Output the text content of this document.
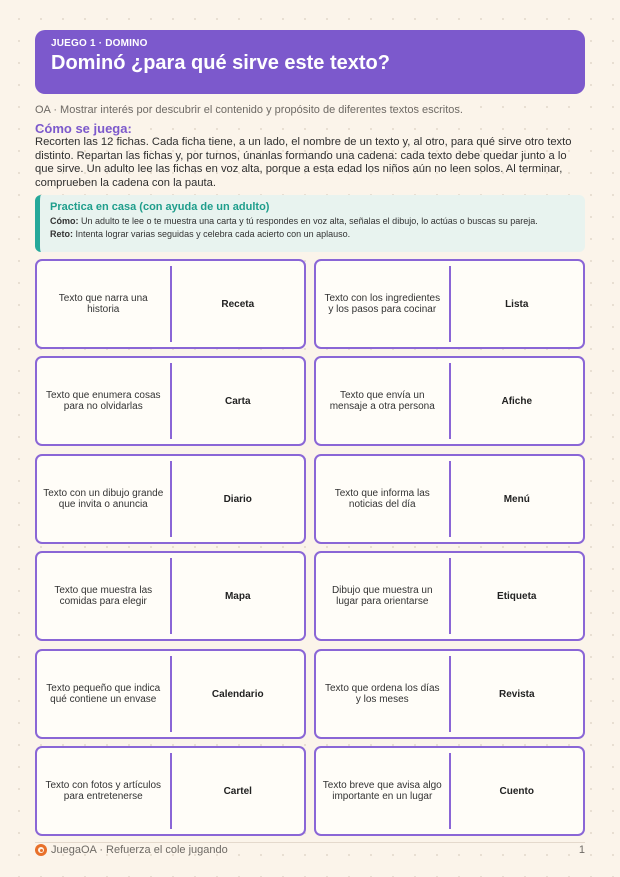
JUEGO 1 · DOMINO
Dominó ¿para qué sirve este texto?
OA · Mostrar interés por descubrir el contenido y propósito de diferentes textos escritos.
Cómo se juega:
Recorten las 12 fichas. Cada ficha tiene, a un lado, el nombre de un texto y, al otro, para qué sirve otro texto distinto. Repartan las fichas y, por turnos, únanlas formando una cadena: cada texto debe quedar junto a lo que sirve. Un adulto lee las fichas en voz alta, porque a esta edad los niños aún no leen solos. Al terminar, comprueben la cadena con la pauta.
Practica en casa (con ayuda de un adulto)
Cómo: Un adulto te lee o te muestra una carta y tú respondes en voz alta, señalas el dibujo, lo actúas o buscas su pareja.
Reto: Intenta lograr varias seguidas y celebra cada acierto con un aplauso.
Texto que narra una historia	Receta	Texto con los ingredientes y los pasos para cocinar	Lista
Texto que enumera cosas para no olvidarlas	Carta	Texto que envía un mensaje a otra persona	Afiche
Texto con un dibujo grande que invita o anuncia	Diario	Texto que informa las noticias del día	Menú
Texto que muestra las comidas para elegir	Mapa	Dibujo que muestra un lugar para orientarse	Etiqueta
Texto pequeño que indica qué contiene un envase	Calendario	Texto que ordena los días y los meses	Revista
Texto con fotos y artículos para entretenerse	Cartel	Texto breve que avisa algo importante en un lugar	Cuento
JuegaOA · Refuerza el cole jugando	1
